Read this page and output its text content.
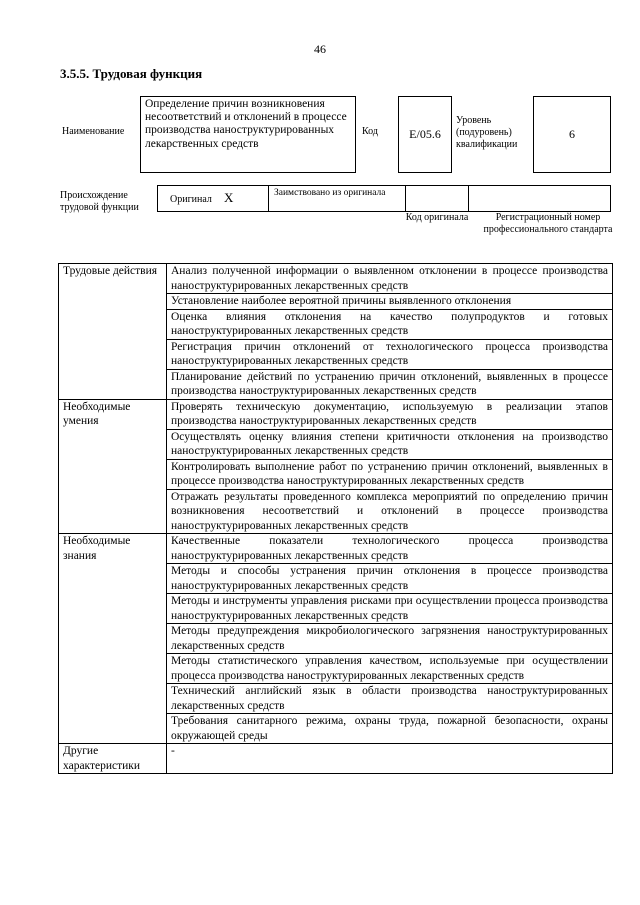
46
3.5.5. Трудовая функция
Наименование
Определение причин возникновения несоответствий и отклонений в процессе производства наноструктурированных лекарственных средств
Код	E/05.6
Уровень (подуровень) квалификации
6
Происхождение трудовой функции
Оригинал X	Заимствовано из оригинала
Код оригинала	Регистрационный номер профессионального стандарта
Трудовые действия	Анализ полученной информации о выявленном отклонении в процессе производства наноструктурированных лекарственных средств
	Установление наиболее вероятной причины выявленного отклонения
	Оценка влияния отклонения на качество полупродуктов и готовых наноструктурированных лекарственных средств
	Регистрация причин отклонений от технологического процесса производства наноструктурированных лекарственных средств
	Планирование действий по устранению причин отклонений, выявленных в процессе производства наноструктурированных лекарственных средств
Необходимые умения	Проверять техническую документацию, используемую в реализации этапов производства наноструктурированных лекарственных средств
	Осуществлять оценку влияния степени критичности отклонения на производство наноструктурированных лекарственных средств
	Контролировать выполнение работ по устранению причин отклонений, выявленных в процессе производства наноструктурированных лекарственных средств
	Отражать результаты проведенного комплекса мероприятий по определению причин возникновения несоответствий и отклонений в процессе производства наноструктурированных лекарственных средств
Необходимые знания	Качественные показатели технологического процесса производства наноструктурированных лекарственных средств
	Методы и способы устранения причин отклонения в процессе производства наноструктурированных лекарственных средств
	Методы и инструменты управления рисками при осуществлении процесса производства наноструктурированных лекарственных средств
	Методы предупреждения микробиологического загрязнения наноструктурированных лекарственных средств
	Методы статистического управления качеством, используемые при осуществлении процесса производства наноструктурированных лекарственных средств
	Технический английский язык в области производства наноструктурированных лекарственных средств
	Требования санитарного режима, охраны труда, пожарной безопасности, охраны окружающей среды
Другие характеристики	-
